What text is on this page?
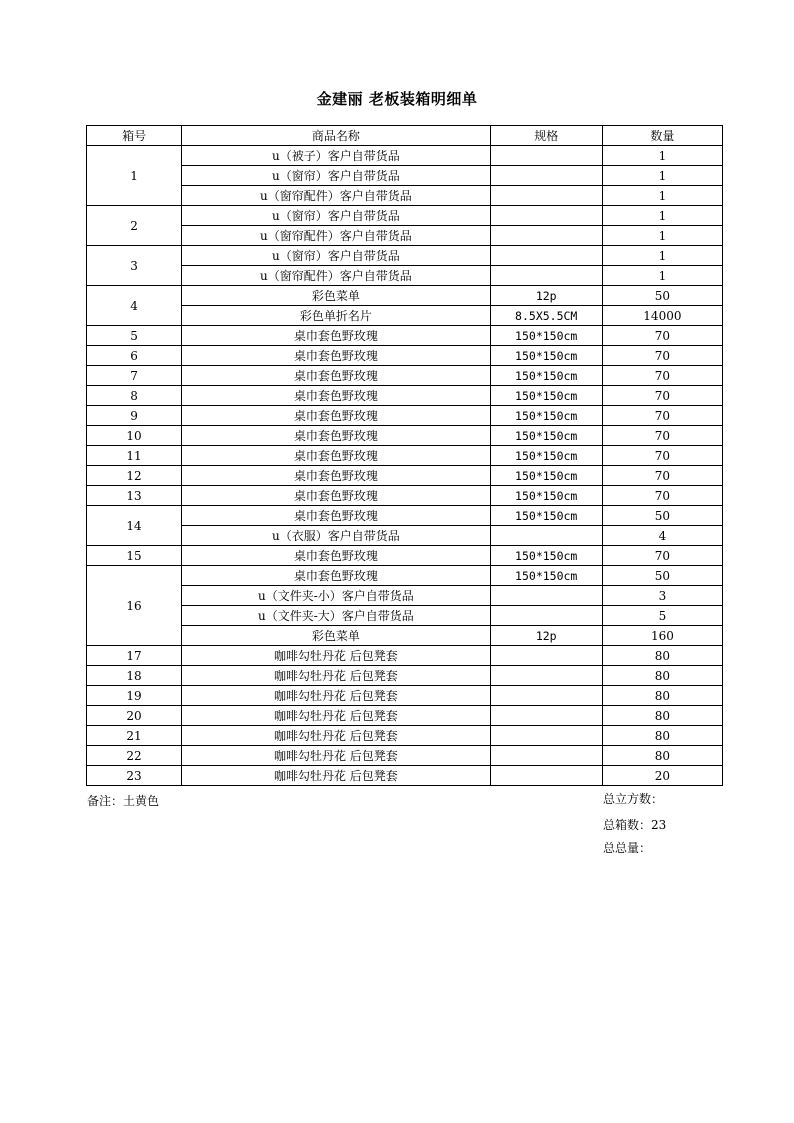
金建丽 老板装箱明细单
箱号	商品名称	规格	数量
1	u（被子）客户自带货品		1
	u（窗帘）客户自带货品		1
	u（窗帘配件）客户自带货品		1
2	u（窗帘）客户自带货品		1
	u（窗帘配件）客户自带货品		1
3	u（窗帘）客户自带货品		1
	u（窗帘配件）客户自带货品		1
4	彩色菜单	12p	50
	彩色单折名片	8.5X5.5CM	14000
5	桌巾套色野玫瑰	150*150cm	70
6	桌巾套色野玫瑰	150*150cm	70
7	桌巾套色野玫瑰	150*150cm	70
8	桌巾套色野玫瑰	150*150cm	70
9	桌巾套色野玫瑰	150*150cm	70
10	桌巾套色野玫瑰	150*150cm	70
11	桌巾套色野玫瑰	150*150cm	70
12	桌巾套色野玫瑰	150*150cm	70
13	桌巾套色野玫瑰	150*150cm	70
14	桌巾套色野玫瑰	150*150cm	50
	u（衣服）客户自带货品		4
15	桌巾套色野玫瑰	150*150cm	70
16	桌巾套色野玫瑰	150*150cm	50
	u（文件夹-小）客户自带货品		3
	u（文件夹-大）客户自带货品		5
	彩色菜单	12p	160
17	咖啡勾牡丹花 后包凳套		80
18	咖啡勾牡丹花 后包凳套		80
19	咖啡勾牡丹花 后包凳套		80
20	咖啡勾牡丹花 后包凳套		80
21	咖啡勾牡丹花 后包凳套		80
22	咖啡勾牡丹花 后包凳套		80
23	咖啡勾牡丹花 后包凳套		20
备注：土黄色	总立方数：
总箱数：23
总总量：
